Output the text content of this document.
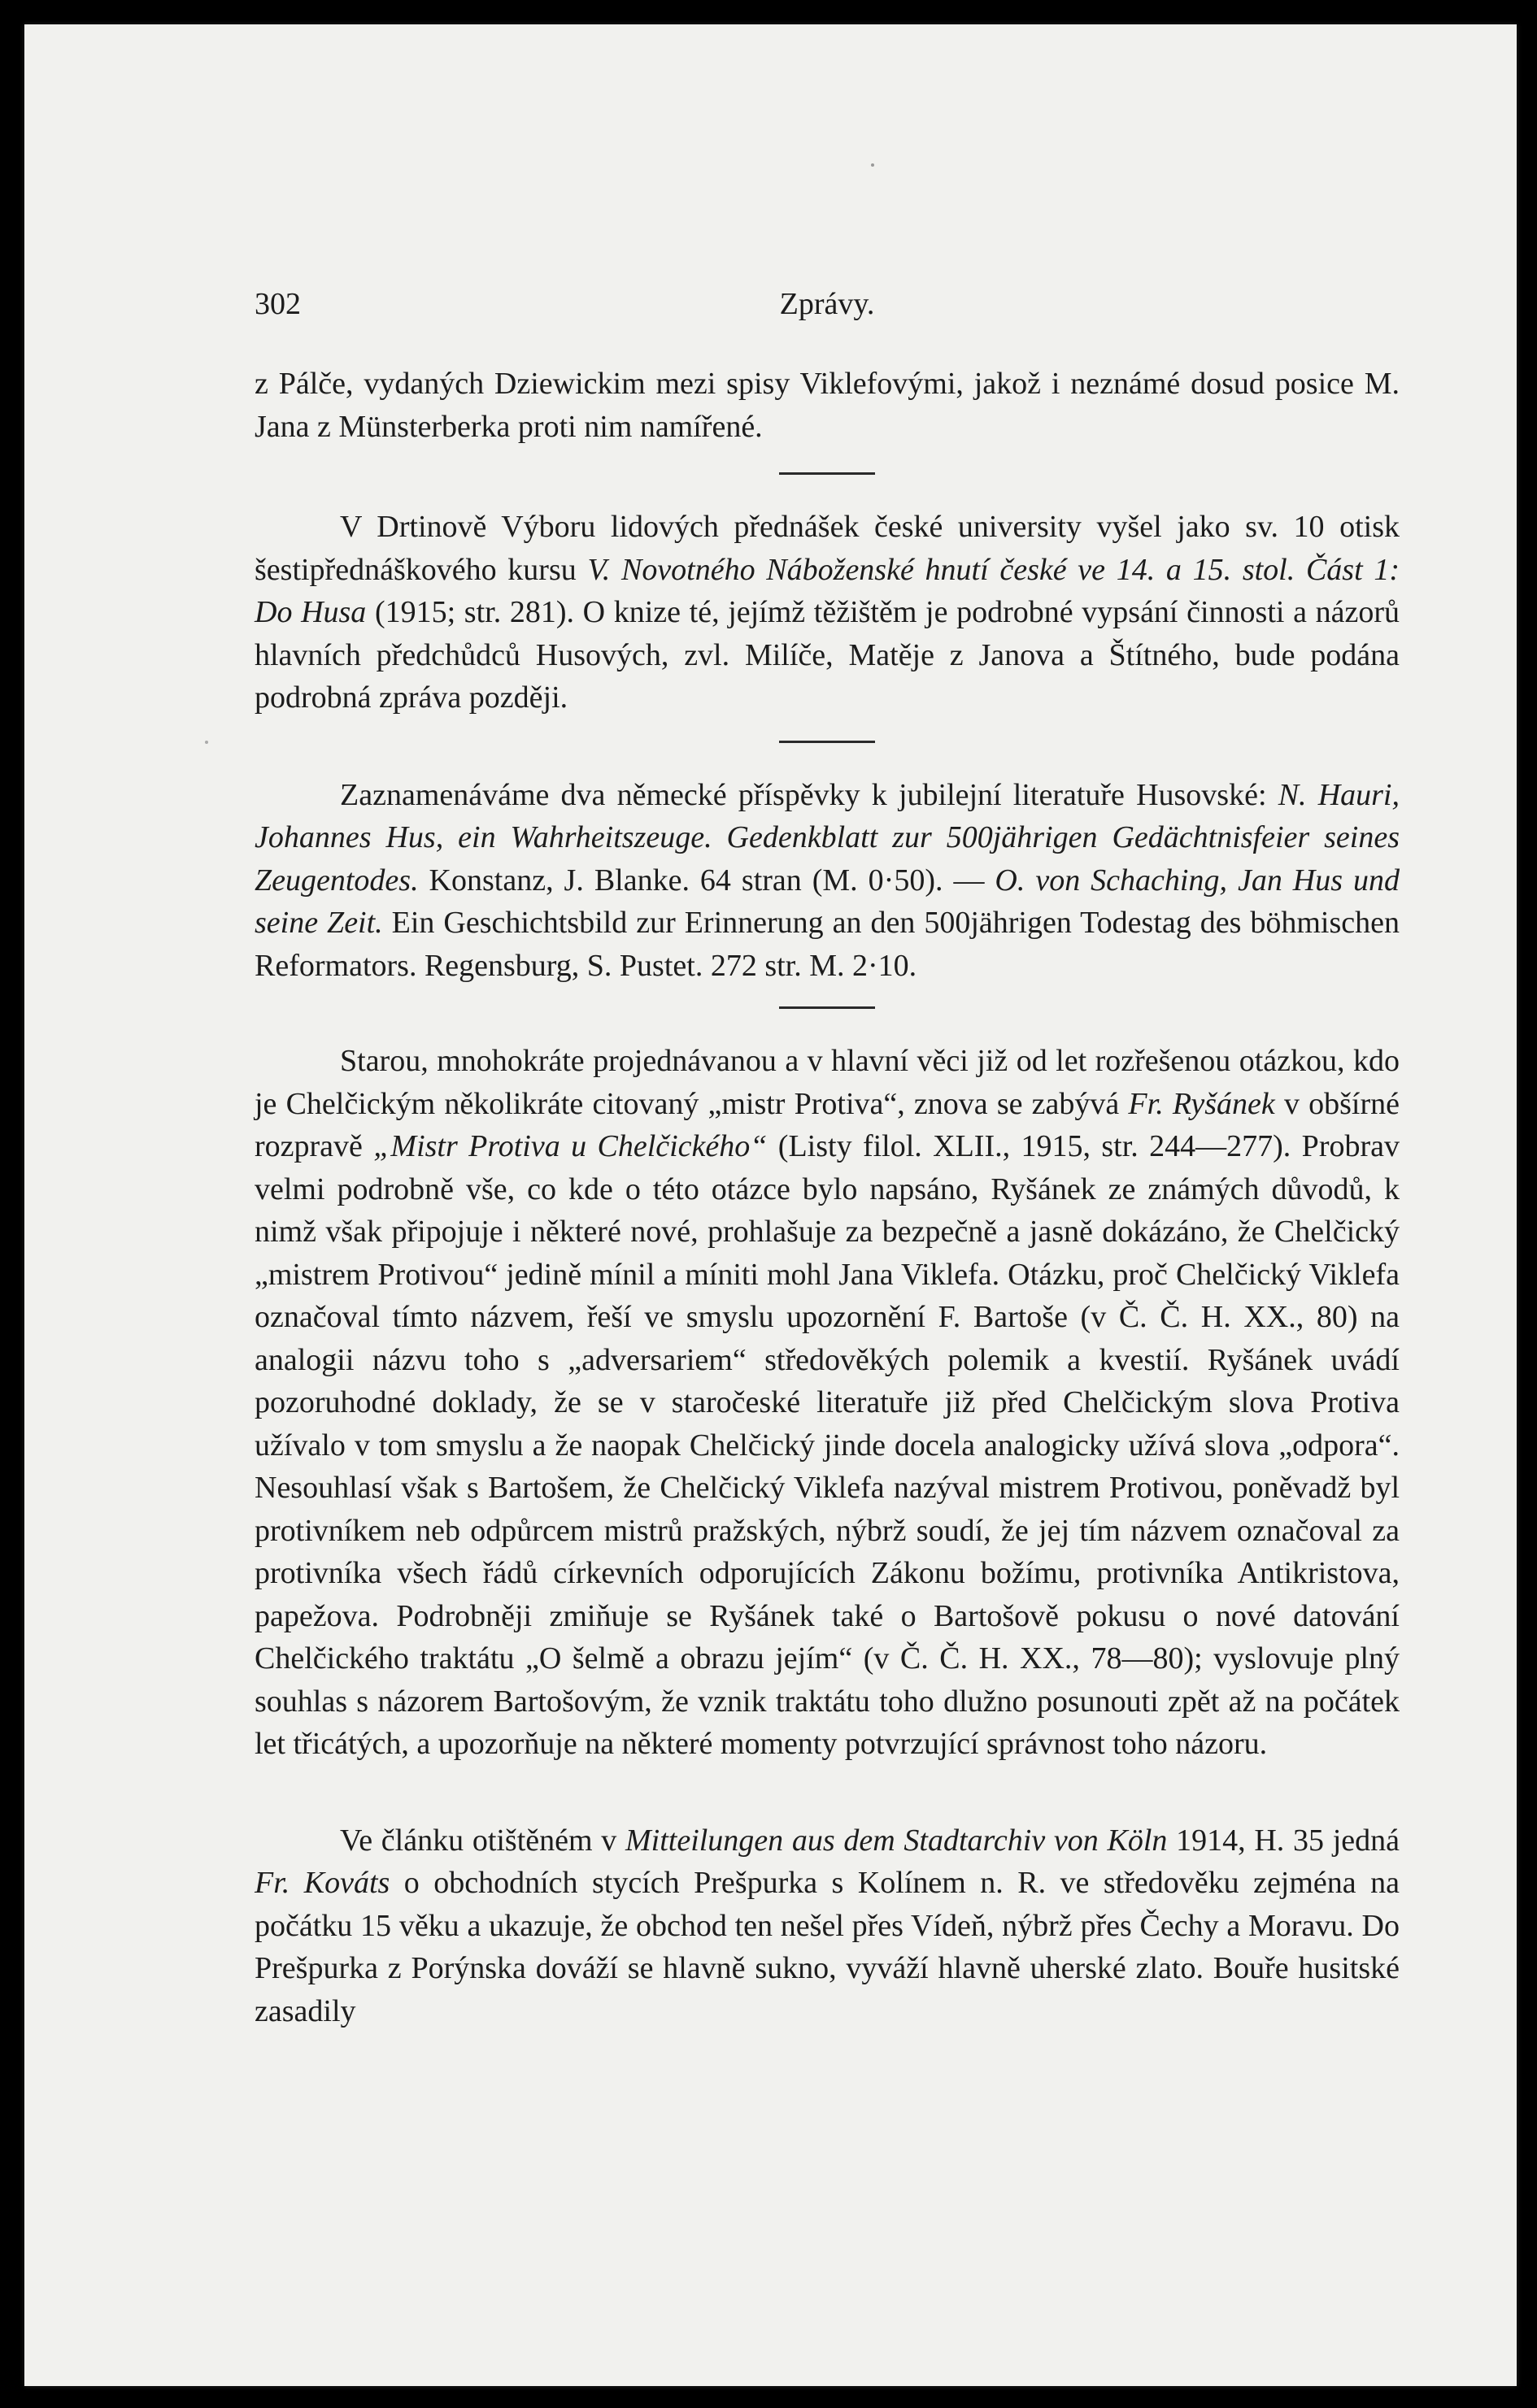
302	Zprávy.

z Pálče, vydaných Dziewickim mezi spisy Viklefovými, jakož i neznámé dosud posice M. Jana z Münsterberka proti nim namířené.

V Drtinově Výboru lidových přednášek české university vyšel jako sv. 10 otisk šestipřednáškového kursu V. Novotného Náboženské hnutí české ve 14. a 15. stol. Část 1: Do Husa (1915; str. 281). O knize té, jejímž těžištěm je podrobné vypsání činnosti a názorů hlavních předchůdců Husových, zvl. Milíče, Matěje z Janova a Štítného, bude podána podrobná zpráva později.

Zaznamenáváme dva německé příspěvky k jubilejní literatuře Husovské: N. Hauri, Johannes Hus, ein Wahrheitszeuge. Gedenkblatt zur 500jährigen Gedächtnisfeier seines Zeugentodes. Konstanz, J. Blanke. 64 stran (M. 0·50). — O. von Schaching, Jan Hus und seine Zeit. Ein Geschichtsbild zur Erinnerung an den 500jährigen Todestag des böhmischen Reformators. Regensburg, S. Pustet. 272 str. M. 2·10.

Starou, mnohokráte projednávanou a v hlavní věci již od let rozřešenou otázkou, kdo je Chelčickým několikráte citovaný „mistr Protiva“, znova se zabývá Fr. Ryšánek v obšírné rozpravě „Mistr Protiva u Chelčického“ (Listy filol. XLII., 1915, str. 244—277). Probrav velmi podrobně vše, co kde o této otázce bylo napsáno, Ryšánek ze známých důvodů, k nimž však připojuje i některé nové, prohlašuje za bezpečně a jasně dokázáno, že Chelčický „mistrem Protivou“ jedině mínil a míniti mohl Jana Viklefa. Otázku, proč Chelčický Viklefa označoval tímto názvem, řeší ve smyslu upozornění F. Bartoše (v Č. Č. H. XX., 80) na analogii názvu toho s „adversariem“ středověkých polemik a kvestií. Ryšánek uvádí pozoruhodné doklady, že se v staročeské literatuře již před Chelčickým slova Protiva užívalo v tom smyslu a že naopak Chelčický jinde docela analogicky užívá slova „odpora“. Nesouhlasí však s Bartošem, že Chelčický Viklefa nazýval mistrem Protivou, poněvadž byl protivníkem neb odpůrcem mistrů pražských, nýbrž soudí, že jej tím názvem označoval za protivníka všech řádů církevních odporujících Zákonu božímu, protivníka Antikristova, papežova. Podrobněji zmiňuje se Ryšánek také o Bartošově pokusu o nové datování Chelčického traktátu „O šelmě a obrazu jejím“ (v Č. Č. H. XX., 78—80); vyslovuje plný souhlas s názorem Bartošovým, že vznik traktátu toho dlužno posunouti zpět až na počátek let třicátých, a upozorňuje na některé momenty potvrzující správnost toho názoru.

Ve článku otištěném v Mitteilungen aus dem Stadtarchiv von Köln 1914, H. 35 jedná Fr. Kováts o obchodních stycích Prešpurka s Kolínem n. R. ve středověku zejména na počátku 15 věku a ukazuje, že obchod ten nešel přes Vídeň, nýbrž přes Čechy a Moravu. Do Prešpurka z Porýnska dováží se hlavně sukno, vyváží hlavně uherské zlato. Bouře husitské zasadily
